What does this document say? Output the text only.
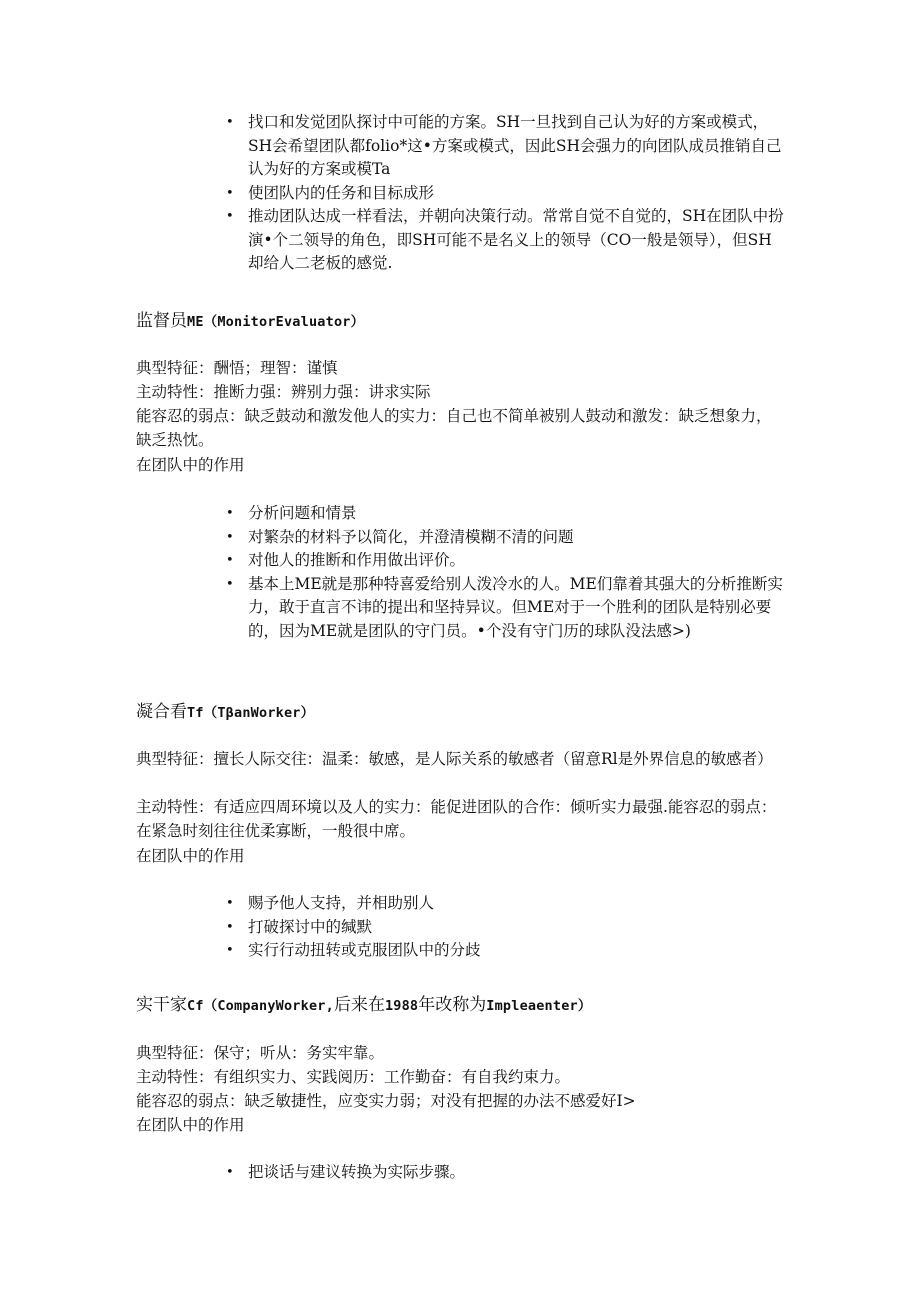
• 找口和发觉团队探讨中可能的方案。SH一旦找到自己认为好的方案或模式，SH会希望团队都folio*这•方案或模式，因此SH会强力的向团队成员推销自己认为好的方案或模Ta
• 使团队内的任务和目标成形
• 推动团队达成一样看法，并朝向决策行动。常常自觉不自觉的，SH在团队中扮演•个二领导的角色，即SH可能不是名义上的领导（CO一般是领导），但SH却给人二老板的感觉.
监督员ME（MonitorEvaluator）

典型特征：酬悟；理智：谨慎

主动特性：推断力强：辨别力强：讲求实际

能容忍的弱点：缺乏鼓动和激发他人的实力：自己也不简单被别人鼓动和激发：缺乏想象力，缺乏热忱。

在团队中的作用

• 分析问题和情景
• 对繁杂的材料予以简化，并澄清模糊不清的问题
• 对他人的推断和作用做出评价。
• 基本上ME就是那种特喜爱给别人泼冷水的人。ME们靠着其强大的分析推断实力，敢于直言不讳的提出和坚持异议。但ME对于一个胜利的团队是特别必要的，因为ME就是团队的守门员。•个没有守门历的球队没法感>)
凝合看Tf（TβanWorker）

典型特征：擅长人际交往：温柔：敏感，是人际关系的敏感者（留意Rl是外界信息的敏感者）

主动特性：有适应四周环境以及人的实力：能促进团队的合作：倾听实力最强.能容忍的弱点：在紧急时刻往往优柔寡断，一般很中席。

在团队中的作用

• 赐予他人支持，并相助别人
• 打破探讨中的缄默
• 实行行动扭转或克服团队中的分歧
实干家Cf（CompanyWorker,后来在1988年改称为Impleaenter）

典型特征：保守；听从：务实牢靠。

主动特性：有组织实力、实践阅历：工作勤奋：有自我约束力。

能容忍的弱点：缺乏敏捷性，应变实力弱；对没有把握的办法不感爱好I>

在团队中的作用

• 把谈话与建议转换为实际步骤。
